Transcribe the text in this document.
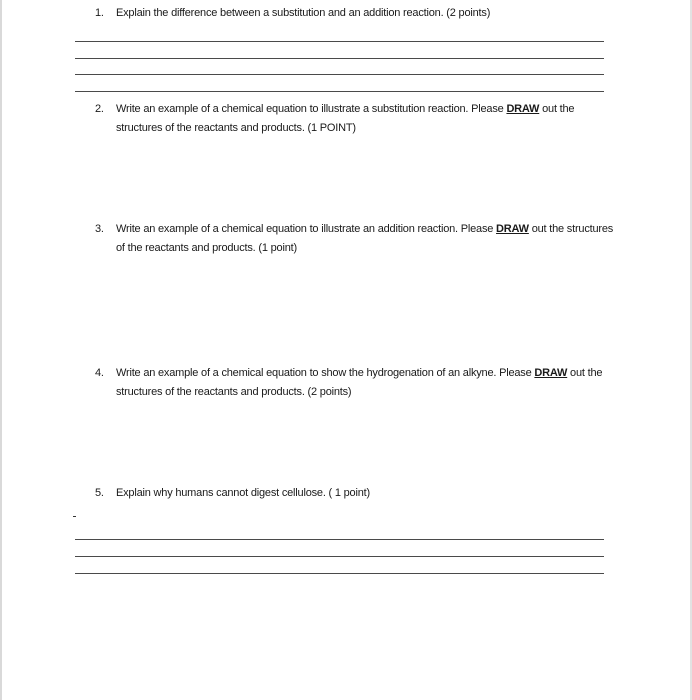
1.	Explain the difference between a substitution and an addition reaction. (2 points)
2.	Write an example of a chemical equation to illustrate a substitution reaction. Please DRAW out the structures of the reactants and products. (1 POINT)
3.	Write an example of a chemical equation to illustrate an addition reaction. Please DRAW out the structures of the reactants and products. (1 point)
4.	Write an example of a chemical equation to show the hydrogenation of an alkyne. Please DRAW out the structures of the reactants and products. (2 points)
5.	Explain why humans cannot digest cellulose. ( 1 point)
